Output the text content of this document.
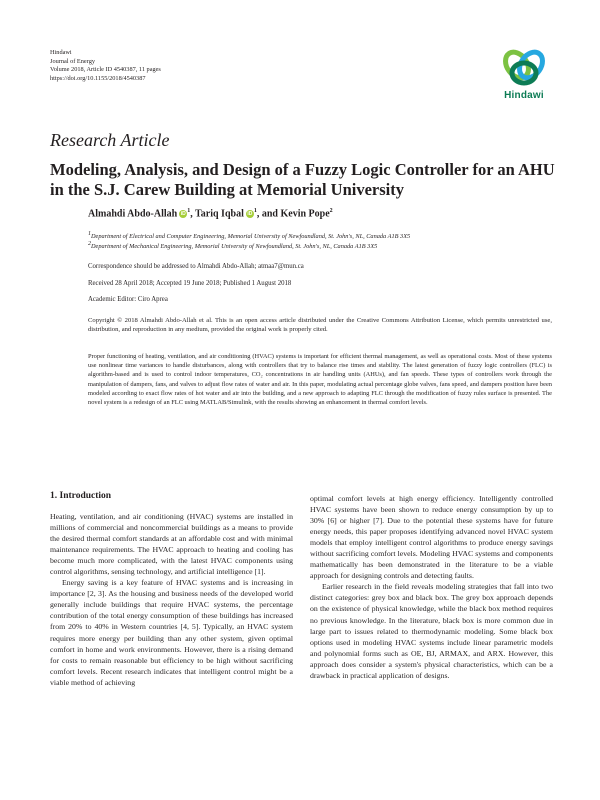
Hindawi
Journal of Energy
Volume 2018, Article ID 4540387, 11 pages
https://doi.org/10.1155/2018/4540387
Hindawi
Research Article
Modeling, Analysis, and Design of a Fuzzy Logic Controller for an AHU in the S.J. Carew Building at Memorial University
Almahdi Abdo-Allah $iD^1$, Tariq Iqbal $iD^1$, and Kevin Pope$^2$
$^1$Department of Electrical and Computer Engineering, Memorial University of Newfoundland, St. John's, NL, Canada A1B 3X5
$^2$Department of Mechanical Engineering, Memorial University of Newfoundland, St. John's, NL, Canada A1B 3X5
Correspondence should be addressed to Almahdi Abdo-Allah; atmaa7@mun.ca
Received 28 April 2018; Accepted 19 June 2018; Published 1 August 2018
Copyright © 2018 Almahdi Abdo-Allah et al. This is an open access article distributed under the Creative Commons Attribution License, which permits unrestricted use, distribution, and reproduction in any medium, provided the original work is properly cited.
Proper functioning of heating, ventilation, and air conditioning (HVAC) systems is important for efficient thermal management, as well as operational costs. Most of these systems use nonlinear time variances to handle disturbances, along with controllers that try to balance rise times and stability. The latest generation of fuzzy logic controllers (FLC) is algorithm-based and is used to control indoor temperatures, CO₂ concentrations in air handling units (AHUs), and fan speeds. These types of controllers work through the manipulation of dampers, fans, and valves to adjust flow rates of water and air. In this paper, modulating actual percentage globe valves, fans speed, and dampers position have been modeled according to exact flow rates of hot water and air into the building, and a new approach to adapting FLC through the modification of fuzzy rules surface is presented. The novel system is a redesign of an FLC using MATLAB/Simulink, with the results showing an enhancement in thermal comfort levels.
1. Introduction

Heating, ventilation, and air conditioning (HVAC) systems are installed in millions of commercial and noncommercial buildings as a means to provide the desired thermal comfort standards at an affordable cost and with minimal maintenance requirements. The HVAC approach to heating and cooling has become much more complicated, with the latest HVAC components using control algorithms, sensing technology, and artificial intelligence [1].

Energy saving is a key feature of HVAC systems and is increasing in importance [2, 3]. As the housing and business needs of the developed world generally include buildings that require HVAC systems, the percentage contribution of the total energy consumption of these buildings has increased from 20% to 40% in Western countries [4, 5]. Typically, an HVAC system requires more energy per building than any other system, given optimal comfort in home and work environments. However, there is a rising demand for costs to remain reasonable but efficiency to be high without sacrificing comfort levels. Recent research indicates that intelligent control might be a viable method of achieving

optimal comfort levels at high energy efficiency. Intelligently controlled HVAC systems have been shown to reduce energy consumption by up to 30% [6] or higher [7]. Due to the potential these systems have for future energy needs, this paper proposes identifying advanced novel HVAC system models that employ intelligent control algorithms to produce energy savings without sacrificing comfort levels. Modeling HVAC systems and components mathematically has been demonstrated in the literature to be a viable approach for designing controls and detecting faults.

Earlier research in the field reveals modeling strategies that fall into two distinct categories: grey box and black box. The grey box approach depends on the existence of physical knowledge, while the black box method requires no previous knowledge. In the literature, black box is more common due in large part to issues related to thermodynamic modeling. Some black box options used in modeling HVAC systems include linear parametric models and polynomial forms such as OE, BJ, ARMAX, and ARX. However, this approach does consider a system's physical characteristics, which can be a drawback in practical application of designs.

Academic Editor: Ciro Aprea
